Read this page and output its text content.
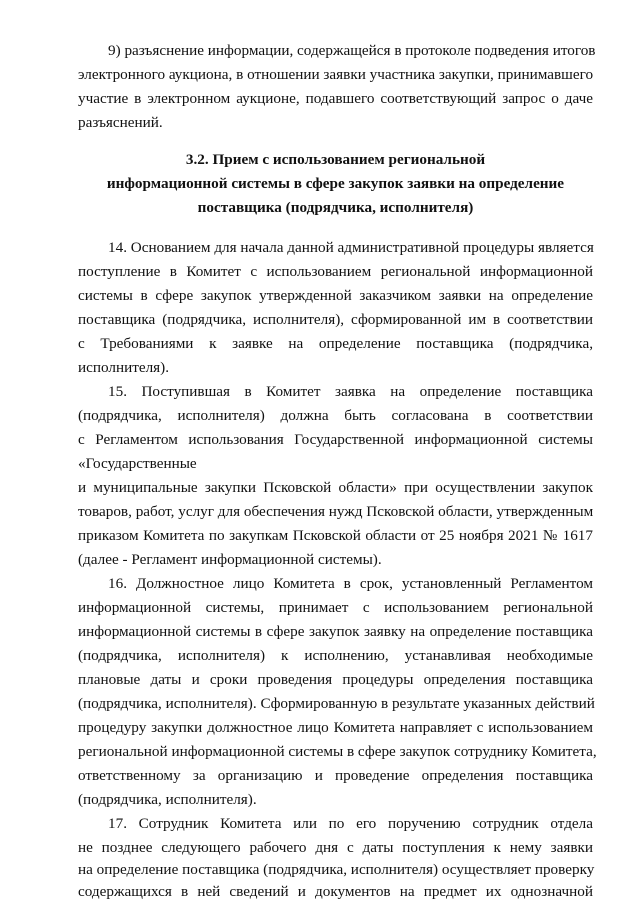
9) разъяснение информации, содержащейся в протоколе подведения итогов
электронного аукциона, в отношении заявки участника закупки, принимавшего
участие в электронном аукционе, подавшего соответствующий запрос о даче
разъяснений.
3.2. Прием с использованием региональной
информационной системы в сфере закупок заявки на определение
поставщика (подрядчика, исполнителя)
14. Основанием для начала данной административной процедуры является
поступление в Комитет с использованием региональной информационной
системы в сфере закупок утвержденной заказчиком заявки на определение
поставщика (подрядчика, исполнителя), сформированной им в соответствии
с Требованиями к заявке на определение поставщика (подрядчика,
исполнителя).
15. Поступившая в Комитет заявка на определение поставщика
(подрядчика, исполнителя) должна быть согласована в соответствии
с Регламентом использования Государственной информационной системы
«Государственные
и муниципальные закупки Псковской области» при осуществлении закупок
товаров, работ, услуг для обеспечения нужд Псковской области, утвержденным
приказом Комитета по закупкам Псковской области от 25 ноября 2021 № 1617
(далее - Регламент информационной системы).
16. Должностное лицо Комитета в срок, установленный Регламентом
информационной системы, принимает с использованием региональной
информационной системы в сфере закупок заявку на определение поставщика
(подрядчика, исполнителя) к исполнению, устанавливая необходимые
плановые даты и сроки проведения процедуры определения поставщика
(подрядчика, исполнителя). Сформированную в результате указанных действий
процедуру закупки должностное лицо Комитета направляет с использованием
региональной информационной системы в сфере закупок сотруднику Комитета,
ответственному за организацию и проведение определения поставщика
(подрядчика, исполнителя).
17. Сотрудник Комитета или по его поручению сотрудник отдела
не позднее следующего рабочего дня с даты поступления к нему заявки
на определение поставщика (подрядчика, исполнителя) осуществляет проверку
содержащихся в ней сведений и документов на предмет их однозначной
